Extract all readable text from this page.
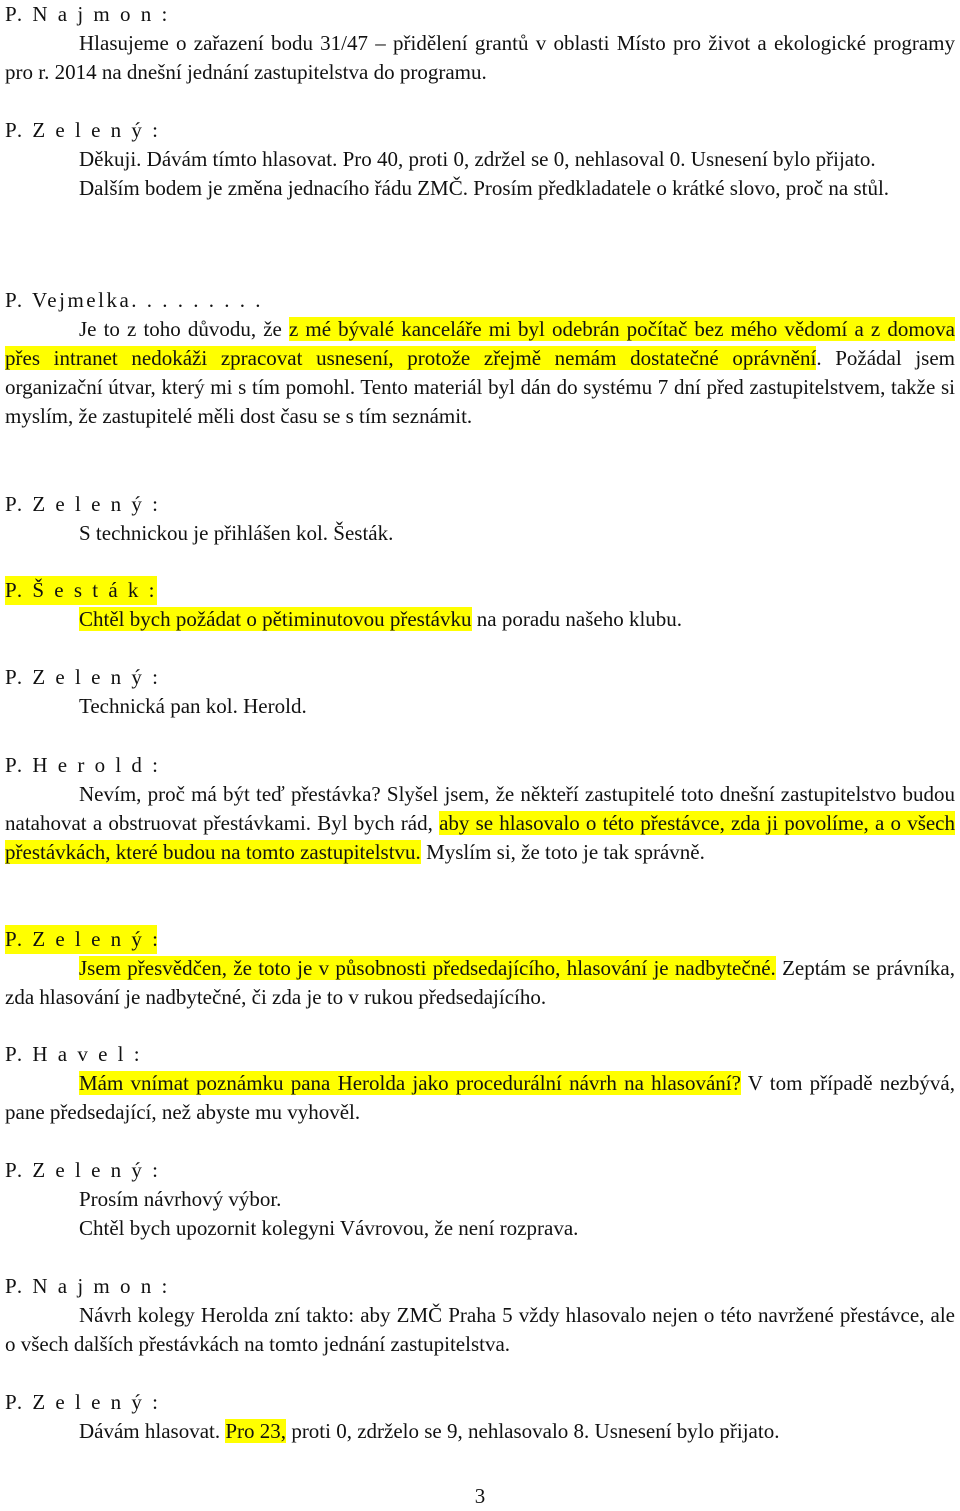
P. N a j m o n :

Hlasujeme o zařazení bodu 31/47 – přidělení grantů v oblasti Místo pro život a ekologické programy pro r. 2014 na dnešní jednání zastupitelstva do programu.

P. Z e l e n ý :

Děkuji. Dávám tímto hlasovat. Pro 40, proti 0, zdržel se 0, nehlasoval 0. Usnesení bylo přijato.

Dalším bodem je změna jednacího řádu ZMČ. Prosím předkladatele o krátké slovo, proč na stůl.

P. Vejmelka. . . . . . . . .

Je to z toho důvodu, že z mé bývalé kanceláře mi byl odebrán počítač bez mého vědomí a z domova přes intranet nedokáži zpracovat usnesení, protože zřejmě nemám dostatečné oprávnění. Požádal jsem organizační útvar, který mi s tím pomohl. Tento materiál byl dán do systému 7 dní před zastupitelstvem, takže si myslím, že zastupitelé měli dost času se s tím seznámit.

P. Z e l e n ý :

S technickou je přihlášen kol. Šesták.

P. Š e s t á k :

Chtěl bych požádat o pětiminutovou přestávku na poradu našeho klubu.

P. Z e l e n ý :

Technická pan kol. Herold.

P. H e r o l d :

Nevím, proč má být teď přestávka? Slyšel jsem, že někteří zastupitelé toto dnešní zastupitelstvo budou natahovat a obstruovat přestávkami. Byl bych rád, aby se hlasovalo o této přestávce, zda ji povolíme, a o všech přestávkách, které budou na tomto zastupitelstvu. Myslím si, že toto je tak správně.

P. Z e l e n ý :

Jsem přesvědčen, že toto je v působnosti předsedajícího, hlasování je nadbytečné. Zeptám se právníka, zda hlasování je nadbytečné, či zda je to v rukou předsedajícího.

P. H a v e l :

Mám vnímat poznámku pana Herolda jako procedurální návrh na hlasování? V tom případě nezbývá, pane předsedající, než abyste mu vyhověl.

P. Z e l e n ý :

Prosím návrhový výbor.

Chtěl bych upozornit kolegyni Vávrovou, že není rozprava.

P. N a j m o n :

Návrh kolegy Herolda zní takto: aby ZMČ Praha 5 vždy hlasovalo nejen o této navržené přestávce, ale o všech dalších přestávkách na tomto jednání zastupitelstva.

P. Z e l e n ý :

Dávám hlasovat. Pro 23, proti 0, zdrželo se 9, nehlasovalo 8. Usnesení bylo přijato.

3
